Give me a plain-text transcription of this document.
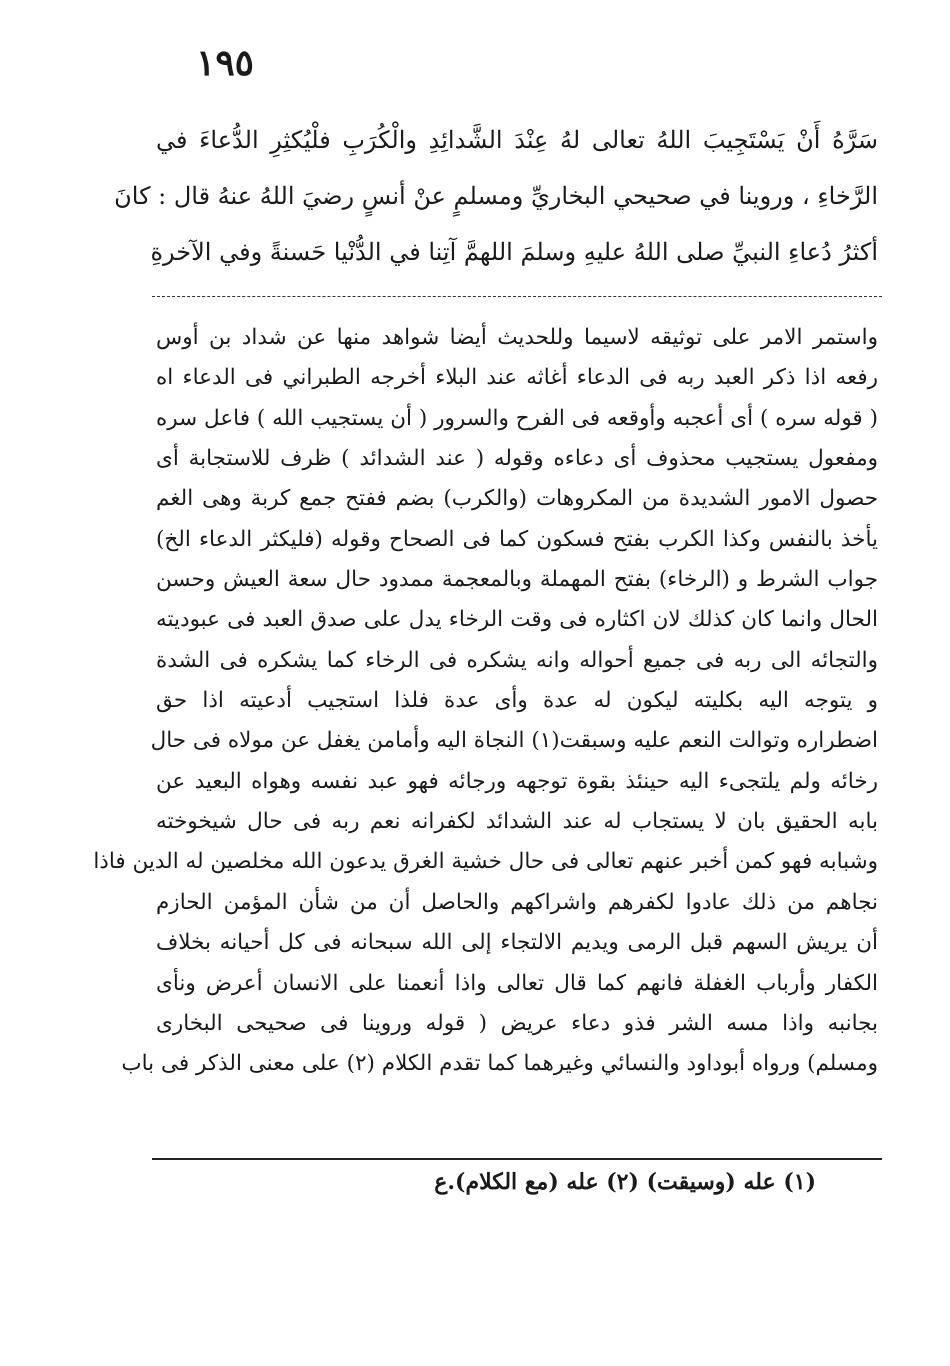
١٩٥
سَرَّهُ أَنْ يَسْتَجِيبَ اللهُ تعالى لهُ عِنْدَ الشَّدائِدِ والْكُرَبِ فلْيُكثِرِ الدُّعاءَ في
الرَّخاءِ ، وروينا في صحيحي البخاريِّ ومسلمٍ عنْ أنسٍ رضيَ اللهُ عنهُ قال : كانَ
أكثرُ دُعاءِ النبيِّ صلى اللهُ عليهِ وسلمَ اللهمَّ آتِنا في الدُّنْيا حَسنةً وفي الآخرةِ
واستمر الامر على توثيقه لاسيما وللحديث أيضا شواهد منها عن شداد بن أوس
رفعه اذا ذكر العبد ربه فى الدعاء أغاثه عند البلاء أخرجه الطبراني فى الدعاء اه
( قوله سره ) أى أعجبه وأوقعه فى الفرح والسرور ( أن يستجيب الله ) فاعل سره
ومفعول يستجيب محذوف أى دعاءه وقوله ( عند الشدائد ) ظرف للاستجابة أى
حصول الامور الشديدة من المكروهات (والكرب) بضم ففتح جمع كربة وهى الغم
يأخذ بالنفس وكذا الكرب بفتح فسكون كما فى الصحاح وقوله (فليكثر الدعاء الخ)
جواب الشرط و (الرخاء) بفتح المهملة وبالمعجمة ممدود حال سعة العيش وحسن
الحال وانما كان كذلك لان اكثاره فى وقت الرخاء يدل على صدق العبد فى عبوديته
والتجائه الى ربه فى جميع أحواله وانه يشكره فى الرخاء كما يشكره فى الشدة
و يتوجه اليه بكليته ليكون له عدة وأى عدة فلذا استجيب أدعيته اذا حق
اضطراره وتوالت النعم عليه وسبقت(١) النجاة اليه وأمامن يغفل عن مولاه فى حال
رخائه ولم يلتجىء اليه حينئذ بقوة توجهه ورجائه فهو عبد نفسه وهواه البعيد عن
بابه الحقيق بان لا يستجاب له عند الشدائد لكفرانه نعم ربه فى حال شيخوخته
وشبابه فهو كمن أخبر عنهم تعالى فى حال خشية الغرق يدعون الله مخلصين له الدين فاذا
نجاهم من ذلك عادوا لكفرهم واشراكهم والحاصل أن من شأن المؤمن الحازم
أن يريش السهم قبل الرمى ويديم الالتجاء إلى الله سبحانه فى كل أحيانه بخلاف
الكفار وأرباب الغفلة فانهم كما قال تعالى واذا أنعمنا على الانسان أعرض ونأى
بجانبه واذا مسه الشر فذو دعاء عريض ( قوله وروينا فى صحيحى البخارى
ومسلم) ورواه أبوداود والنسائي وغيرهما كما تقدم الكلام (٢) على معنى الذكر فى باب
(١) عله (وسيقت) (٢) عله (مع الكلام).ع
